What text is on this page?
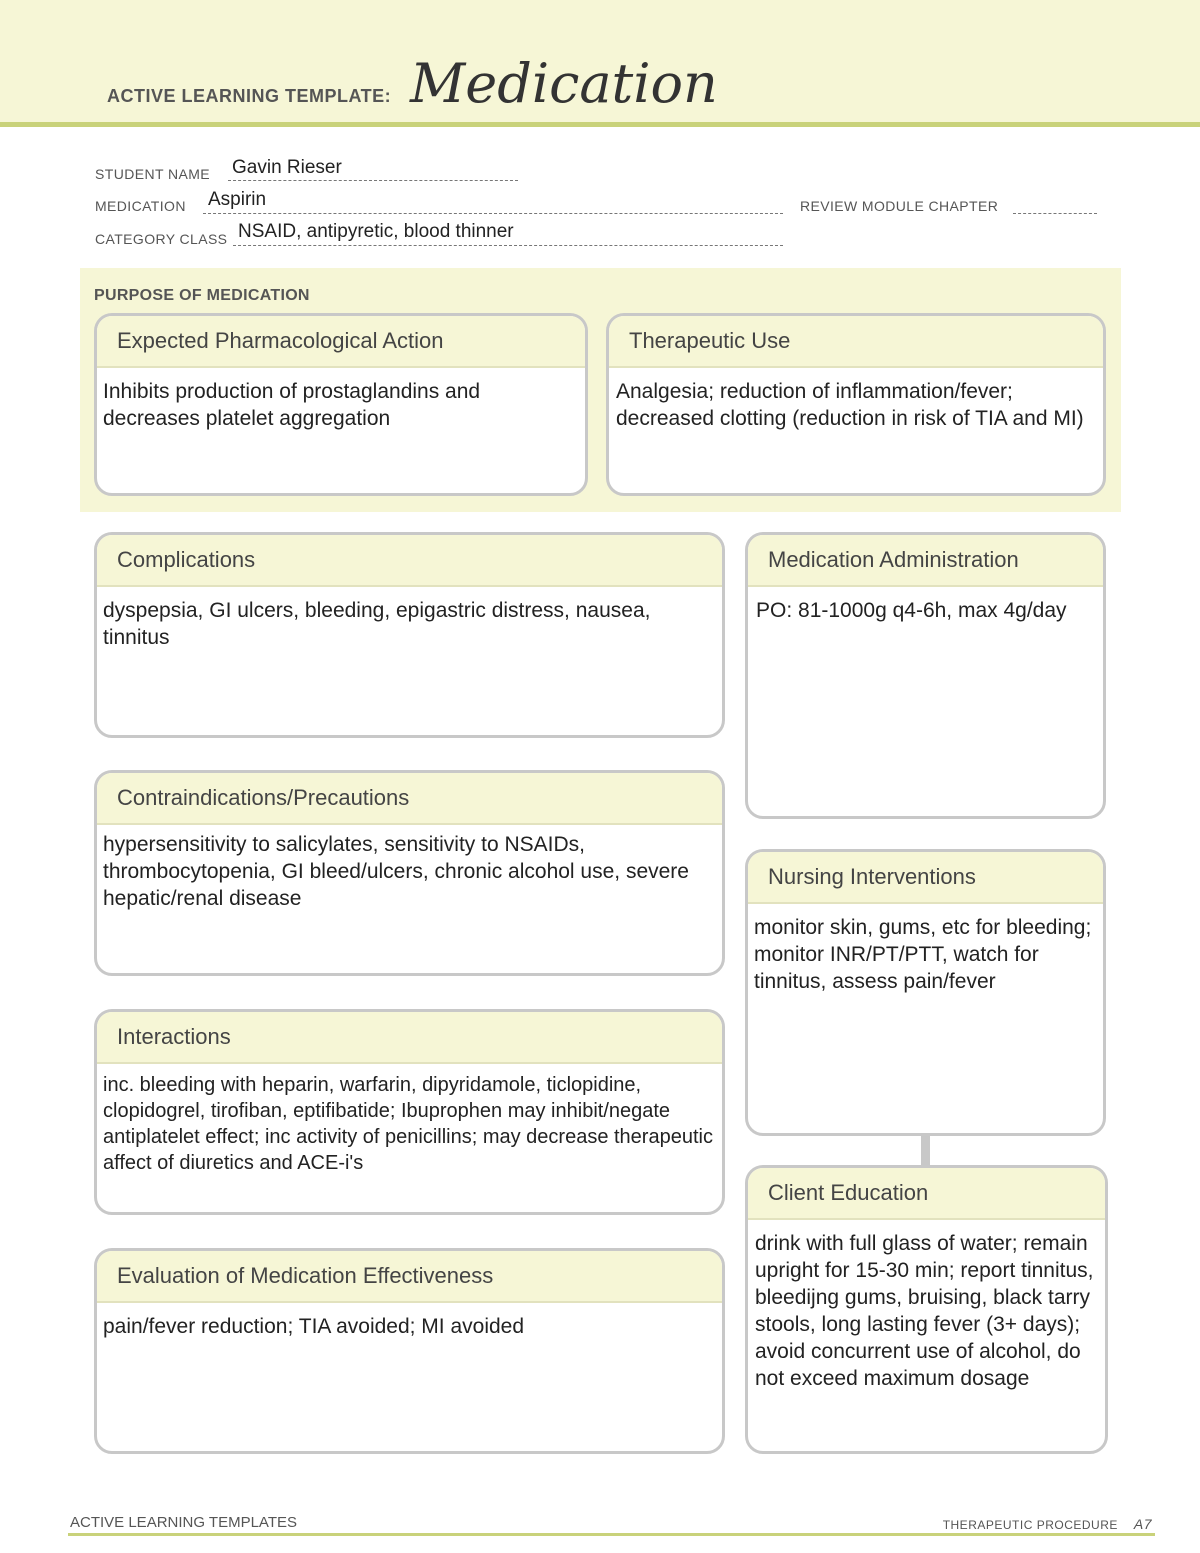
ACTIVE LEARNING TEMPLATE: Medication
STUDENT NAME Gavin Rieser
MEDICATION Aspirin	REVIEW MODULE CHAPTER
CATEGORY CLASS NSAID, antipyretic, blood thinner
PURPOSE OF MEDICATION
Expected Pharmacological Action
Inhibits production of prostaglandins and decreases platelet aggregation
Therapeutic Use
Analgesia; reduction of inflammation/fever; decreased clotting (reduction in risk of TIA and MI)
Complications
dyspepsia, GI ulcers, bleeding, epigastric distress, nausea, tinnitus
Contraindications/Precautions
hypersensitivity to salicylates, sensitivity to NSAIDs, thrombocytopenia, GI bleed/ulcers, chronic alcohol use, severe hepatic/renal disease
Interactions
inc. bleeding with heparin, warfarin, dipyridamole, ticlopidine, clopidogrel, tirofiban, eptifibatide; Ibuprophen may inhibit/negate antiplatelet effect; inc activity of penicillins; may decrease therapeutic affect of diuretics and ACE-i's
Evaluation of Medication Effectiveness
pain/fever reduction; TIA avoided; MI avoided
Medication Administration
PO: 81-1000g q4-6h, max 4g/day
Nursing Interventions
monitor skin, gums, etc for bleeding; monitor INR/PT/PTT, watch for tinnitus, assess pain/fever
Client Education
drink with full glass of water; remain upright for 15-30 min; report tinnitus, bleedijng gums, bruising, black tarry stools, long lasting fever (3+ days); avoid concurrent use of alcohol, do not exceed maximum dosage
ACTIVE LEARNING TEMPLATES	THERAPEUTIC PROCEDURE A7
